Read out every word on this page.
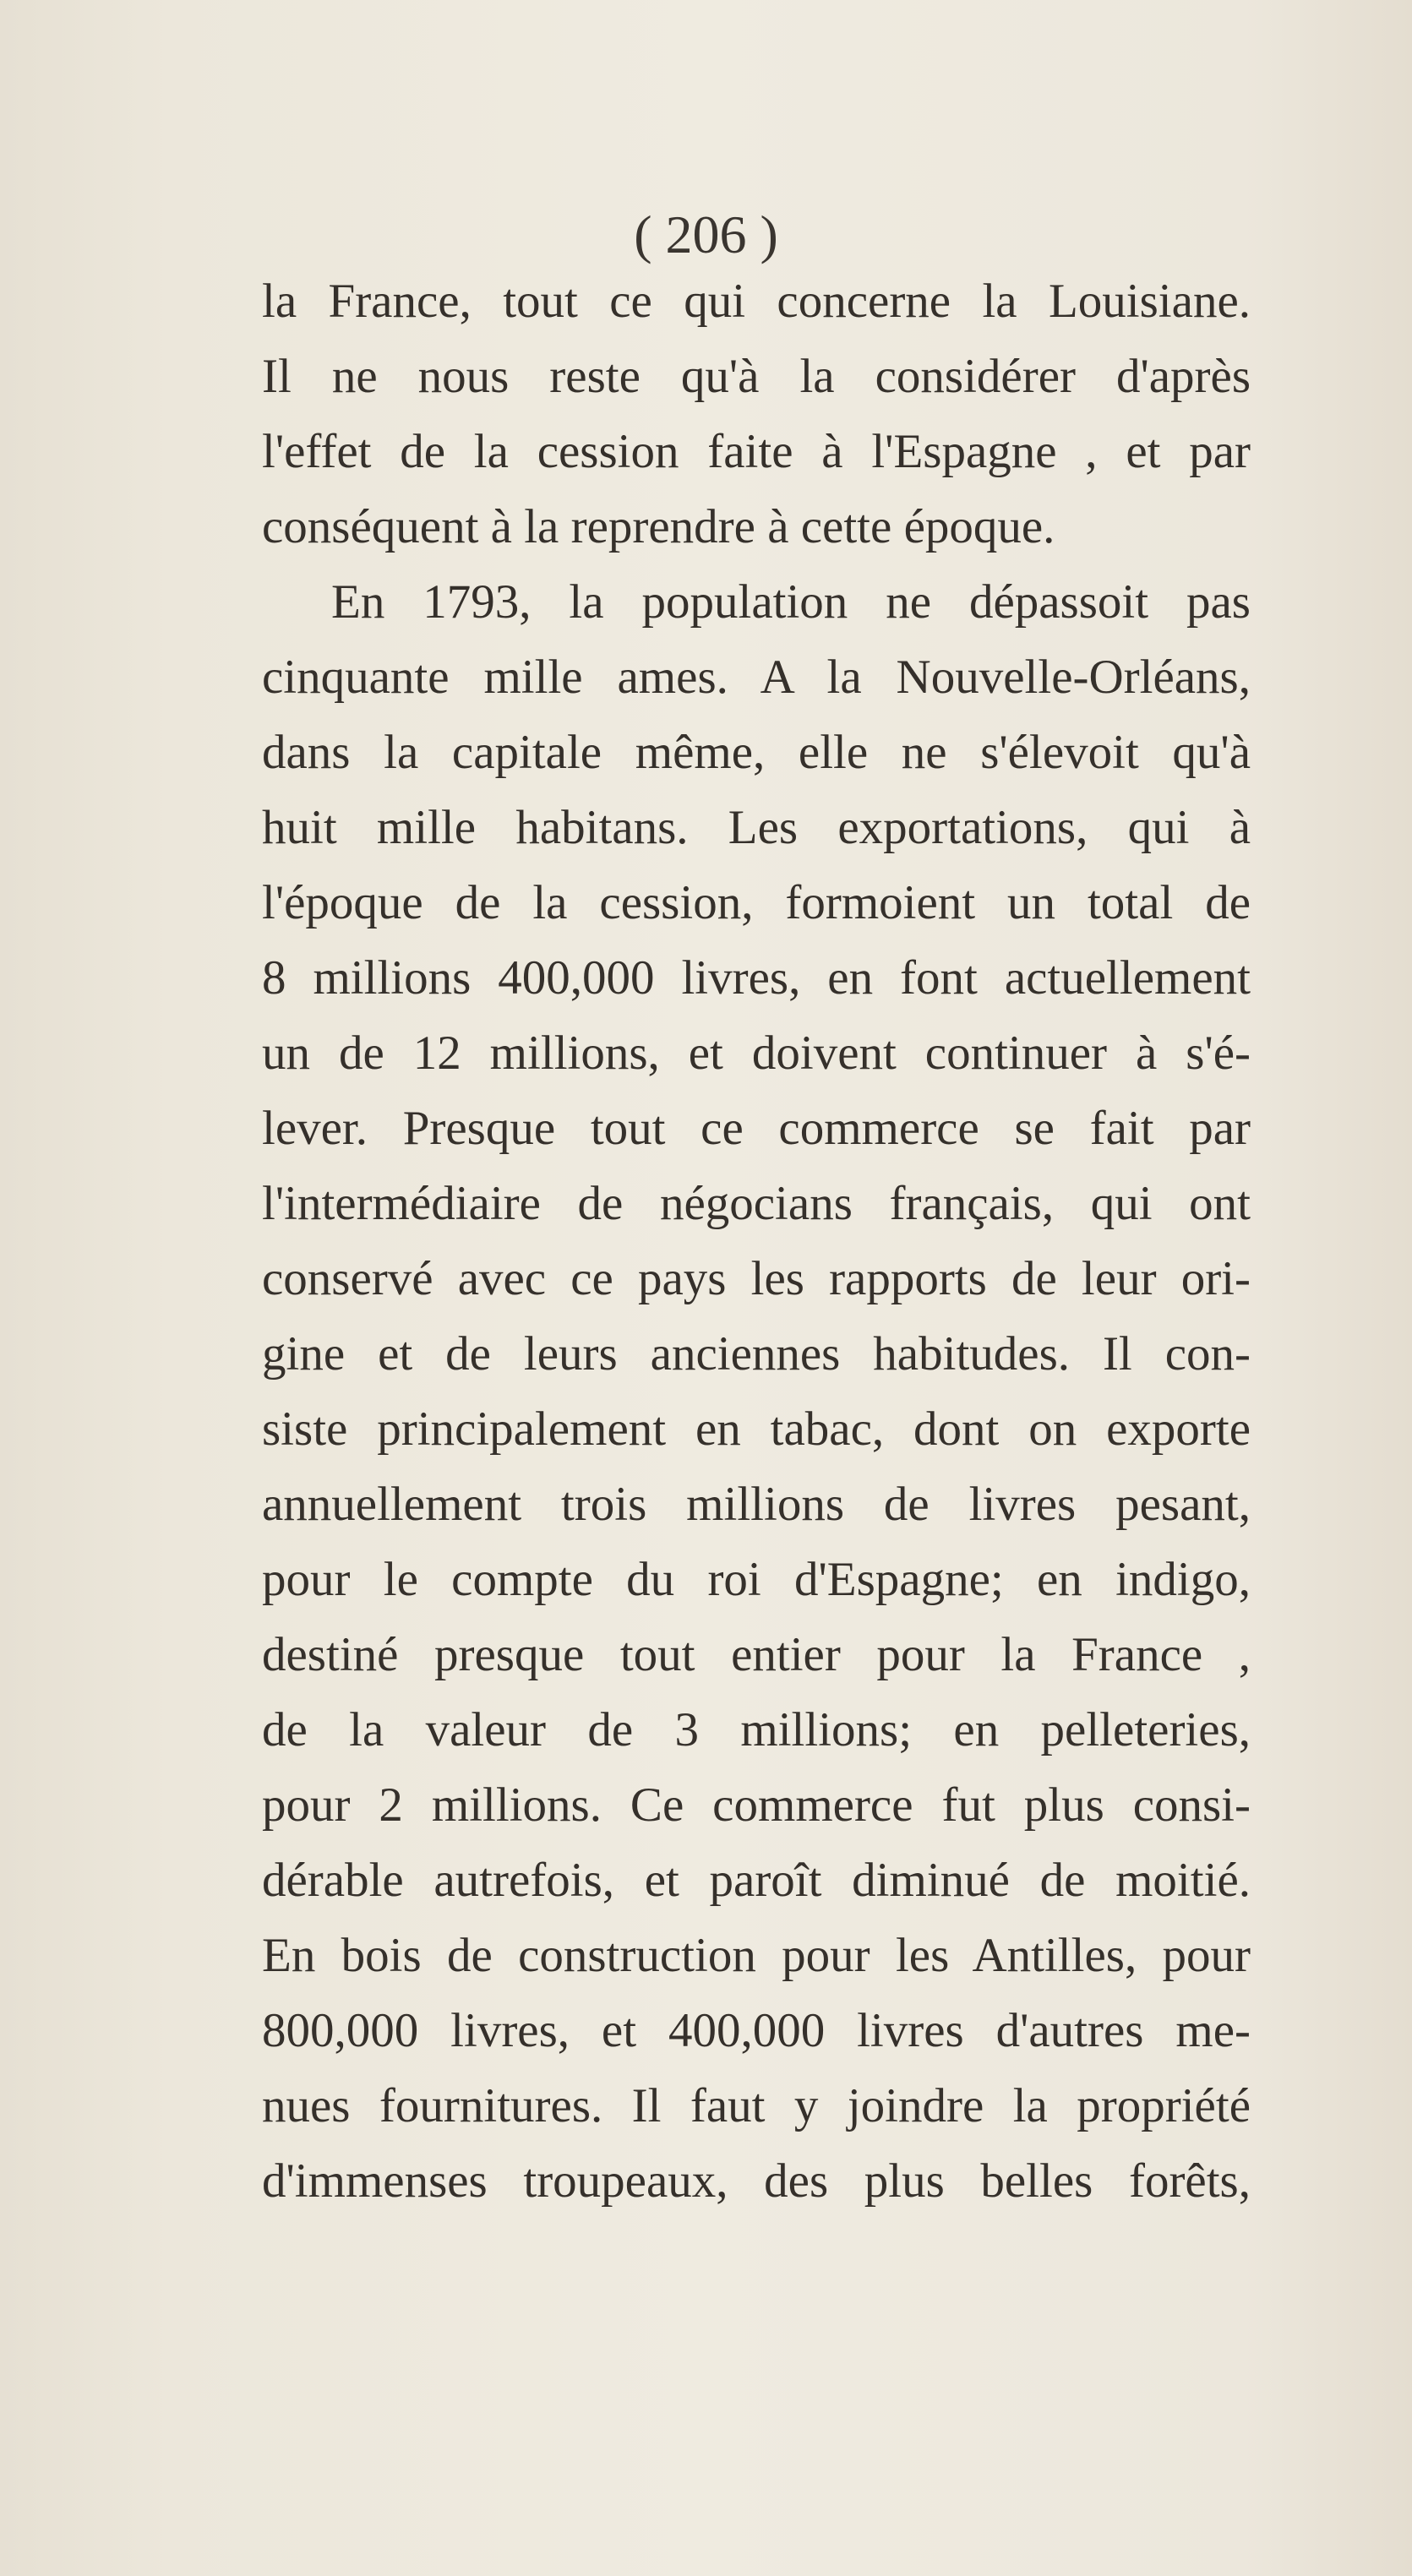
( 206 )

la France, tout ce qui concerne la Louisiane.
Il ne nous reste qu'à la considérer d'après
l'effet de la cession faite à l'Espagne , et par
conséquent à la reprendre à cette époque.
En 1793, la population ne dépassoit pas
cinquante mille ames. A la Nouvelle-Orléans,
dans la capitale même, elle ne s'élevoit qu'à
huit mille habitans. Les exportations, qui à
l'époque de la cession, formoient un total de
8 millions 400,000 livres, en font actuellement
un de 12 millions, et doivent continuer à s'é-
lever. Presque tout ce commerce se fait par
l'intermédiaire de négocians français, qui ont
conservé avec ce pays les rapports de leur ori-
gine et de leurs anciennes habitudes. Il con-
siste principalement en tabac, dont on exporte
annuellement trois millions de livres pesant,
pour le compte du roi d'Espagne; en indigo,
destiné presque tout entier pour la France ,
de la valeur de 3 millions; en pelleteries,
pour 2 millions. Ce commerce fut plus consi-
dérable autrefois, et paroît diminué de moitié.
En bois de construction pour les Antilles, pour
800,000 livres, et 400,000 livres d'autres me-
nues fournitures. Il faut y joindre la propriété
d'immenses troupeaux, des plus belles forêts,
